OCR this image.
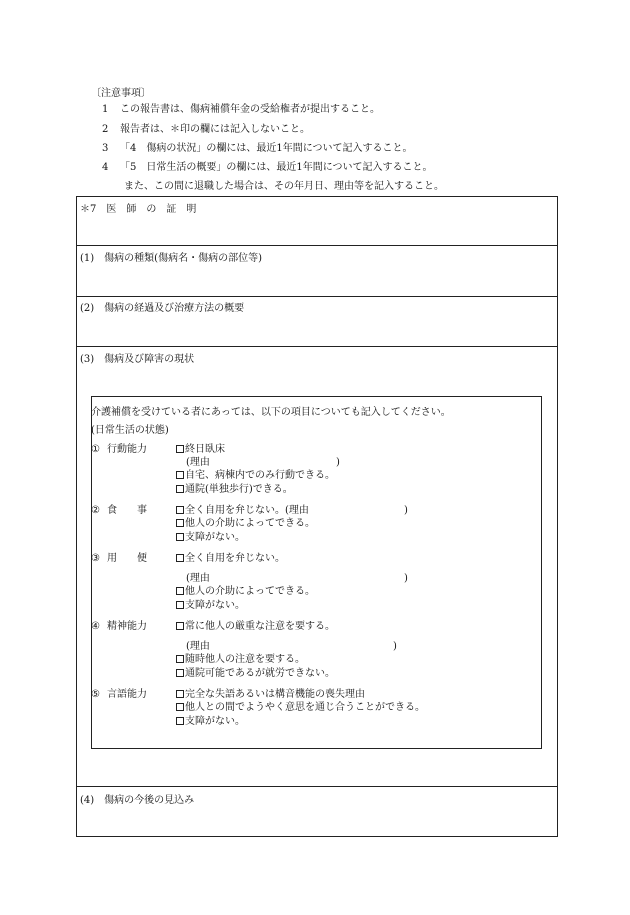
〔注意事項〕
1 この報告書は、傷病補償年金の受給権者が提出すること。
2 報告者は、＊印の欄には記入しないこと。
3 「4　傷病の状況」の欄には、最近1年間について記入すること。
4 「5　日常生活の概要」の欄には、最近1年間について記入すること。
また、この間に退職した場合は、その年月日、理由等を記入すること。
＊7　医　師　の　証　明
(1)　傷病の種類(傷病名・傷病の部位等)
(2)　傷病の経過及び治療方法の概要
(3)　傷病及び障害の現状
(4)　傷病の今後の見込み
介護補償を受けている者にあっては、以下の項目についても記入してください。
(日常生活の状態)
① 行動能力	終日臥床
(理由	)
自宅、病棟内でのみ行動できる。
通院(単独歩行)できる。
② 食　　事	全く自用を弁じない。(理由	)
他人の介助によってできる。
支障がない。
③ 用　　便	全く自用を弁じない。
(理由	)
他人の介助によってできる。
支障がない。
④ 精神能力	常に他人の厳重な注意を要する。
(理由	)
随時他人の注意を要する。
通院可能であるが就労できない。
⑤ 言語能力	完全な失語あるいは構音機能の喪失理由
他人との間でようやく意思を通じ合うことができる。
支障がない。
